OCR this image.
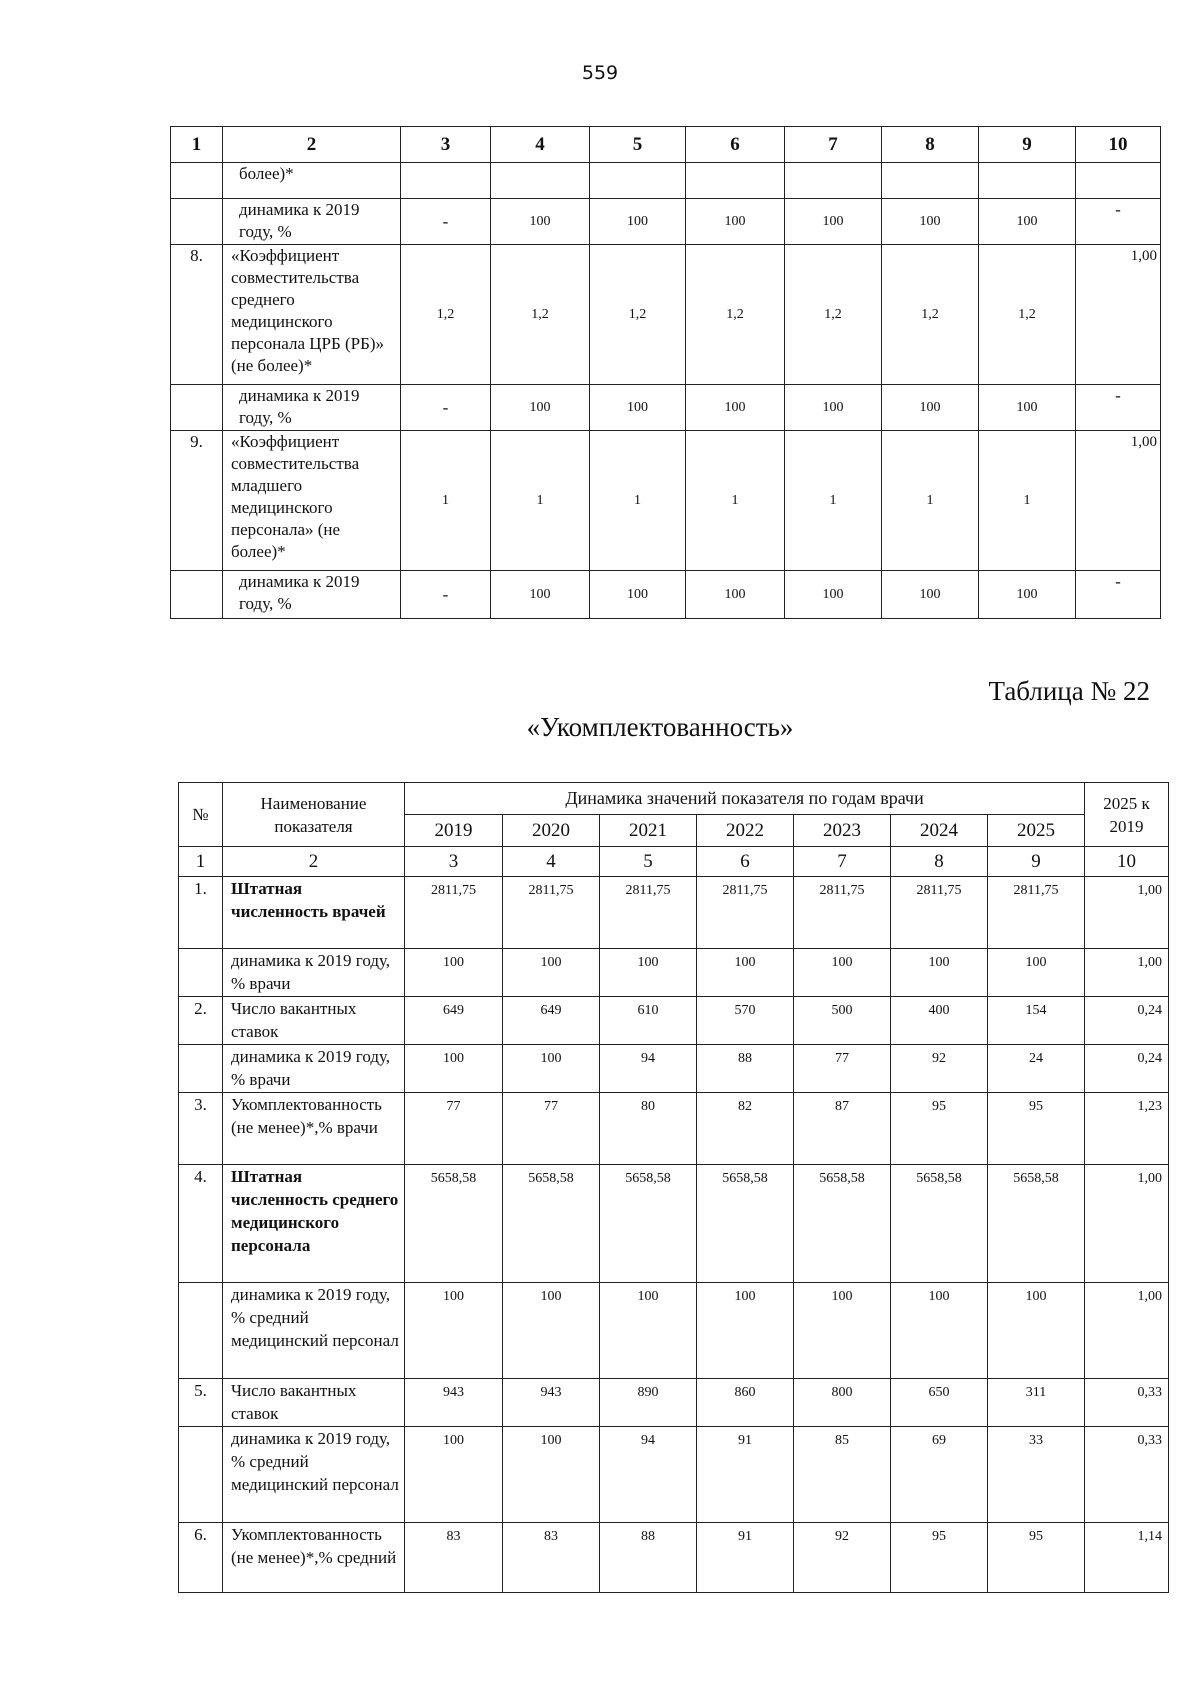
559
1	2	3	4	5	6	7	8	9	10
	более)*								
	динамика к 2019 году, %	-	100	100	100	100	100	100	-
8.	«Коэффициент совместительства среднего медицинского персонала ЦРБ (РБ)» (не более)*	1,2	1,2	1,2	1,2	1,2	1,2	1,2	1,00
	динамика к 2019 году, %	-	100	100	100	100	100	100	-
9.	«Коэффициент совместительства младшего медицинского персонала» (не более)*	1	1	1	1	1	1	1	1,00
	динамика к 2019 году, %	-	100	100	100	100	100	100	-
Таблица № 22
«Укомплектованность»
№	Наименование показателя	Динамика значений показателя по годам врачи							2025 к 2019
		2019	2020	2021	2022	2023	2024	2025	
1	2	3	4	5	6	7	8	9	10
1.	Штатная численность врачей	2811,75	2811,75	2811,75	2811,75	2811,75	2811,75	2811,75	1,00
	динамика к 2019 году, % врачи	100	100	100	100	100	100	100	1,00
2.	Число вакантных ставок	649	649	610	570	500	400	154	0,24
	динамика к 2019 году, % врачи	100	100	94	88	77	92	24	0,24
3.	Укомплектованность (не менее)*,% врачи	77	77	80	82	87	95	95	1,23
4.	Штатная численность среднего медицинского персонала	5658,58	5658,58	5658,58	5658,58	5658,58	5658,58	5658,58	1,00
	динамика к 2019 году, % средний медицинский персонал	100	100	100	100	100	100	100	1,00
5.	Число вакантных ставок	943	943	890	860	800	650	311	0,33
	динамика к 2019 году, % средний медицинский персонал	100	100	94	91	85	69	33	0,33
6.	Укомплектованность (не менее)*,% средний	83	83	88	91	92	95	95	1,14
